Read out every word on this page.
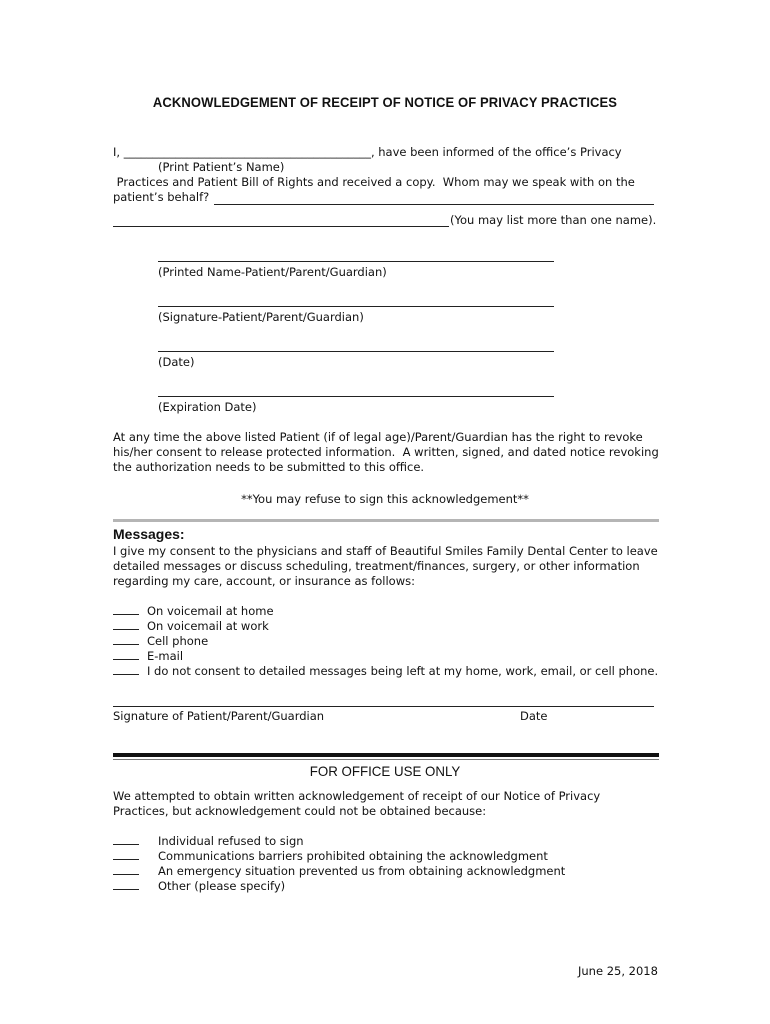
ACKNOWLEDGEMENT OF RECEIPT OF NOTICE OF PRIVACY PRACTICES
I, ___________________________________________, have been informed of the office’s Privacy
(Print Patient’s Name)
Practices and Patient Bill of Rights and received a copy.  Whom may we speak with on the
patient’s behalf?
(You may list more than one name).
(Printed Name-Patient/Parent/Guardian)
(Signature-Patient/Parent/Guardian)
(Date)
(Expiration Date)
At any time the above listed Patient (if of legal age)/Parent/Guardian has the right to revoke
his/her consent to release protected information.  A written, signed, and dated notice revoking
the authorization needs to be submitted to this office.
**You may refuse to sign this acknowledgement**
Messages:
I give my consent to the physicians and staff of Beautiful Smiles Family Dental Center to leave
detailed messages or discuss scheduling, treatment/finances, surgery, or other information
regarding my care, account, or insurance as follows:
On voicemail at home
On voicemail at work
Cell phone
E-mail
I do not consent to detailed messages being left at my home, work, email, or cell phone.
Signature of Patient/Parent/Guardian	Date
FOR OFFICE USE ONLY
We attempted to obtain written acknowledgement of receipt of our Notice of Privacy
Practices, but acknowledgement could not be obtained because:
Individual refused to sign
Communications barriers prohibited obtaining the acknowledgment
An emergency situation prevented us from obtaining acknowledgment
Other (please specify)
June 25, 2018
